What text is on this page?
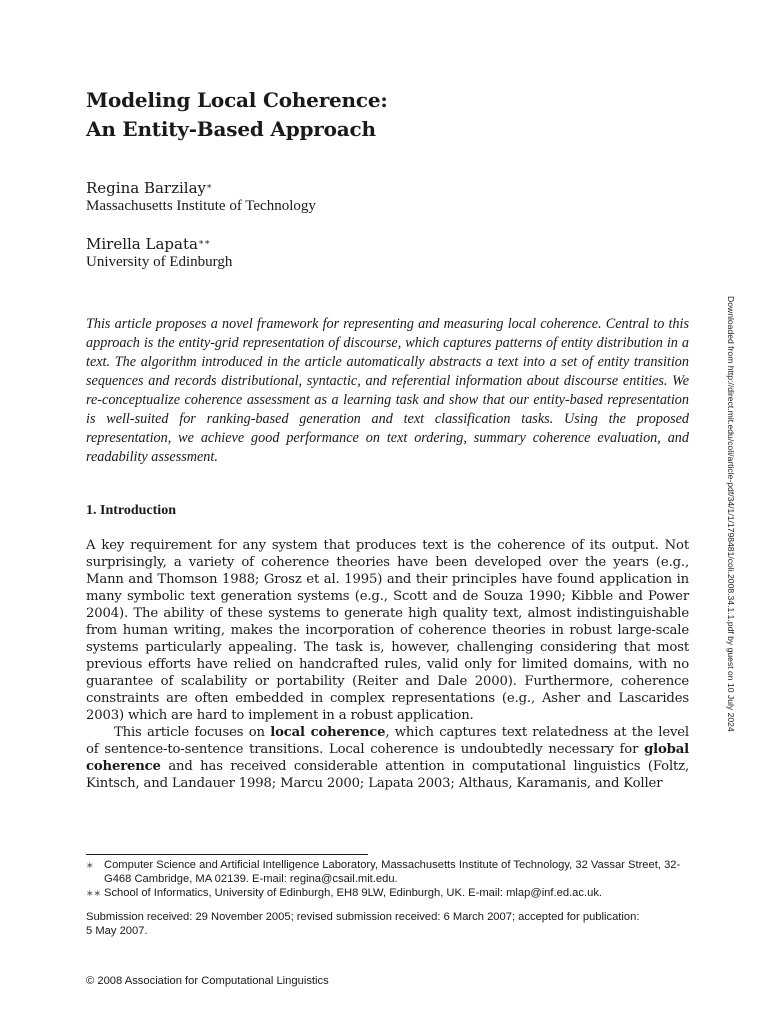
Modeling Local Coherence:
An Entity-Based Approach
Regina Barzilay∗
Massachusetts Institute of Technology
Mirella Lapata∗∗
University of Edinburgh
This article proposes a novel framework for representing and measuring local coherence. Central to this approach is the entity-grid representation of discourse, which captures patterns of entity distribution in a text. The algorithm introduced in the article automatically abstracts a text into a set of entity transition sequences and records distributional, syntactic, and referential information about discourse entities. We re-conceptualize coherence assessment as a learning task and show that our entity-based representation is well-suited for ranking-based generation and text classification tasks. Using the proposed representation, we achieve good performance on text ordering, summary coherence evaluation, and readability assessment.
1. Introduction

A key requirement for any system that produces text is the coherence of its output. Not surprisingly, a variety of coherence theories have been developed over the years (e.g., Mann and Thomson 1988; Grosz et al. 1995) and their principles have found application in many symbolic text generation systems (e.g., Scott and de Souza 1990; Kibble and Power 2004). The ability of these systems to generate high quality text, almost indistinguishable from human writing, makes the incorporation of coherence theories in robust large-scale systems particularly appealing. The task is, however, challenging considering that most previous efforts have relied on handcrafted rules, valid only for limited domains, with no guarantee of scalability or portability (Reiter and Dale 2000). Furthermore, coherence constraints are often embedded in complex representations (e.g., Asher and Lascarides 2003) which are hard to implement in a robust application.

This article focuses on local coherence, which captures text relatedness at the level of sentence-to-sentence transitions. Local coherence is undoubtedly necessary for global coherence and has received considerable attention in computational linguistics (Foltz, Kintsch, and Landauer 1998; Marcu 2000; Lapata 2003; Althaus, Karamanis, and Koller

∗ Computer Science and Artificial Intelligence Laboratory, Massachusetts Institute of Technology, 32 Vassar Street, 32-G468 Cambridge, MA 02139. E-mail: regina@csail.mit.edu.
∗∗ School of Informatics, University of Edinburgh, EH8 9LW, Edinburgh, UK. E-mail: mlap@inf.ed.ac.uk.
Submission received: 29 November 2005; revised submission received: 6 March 2007; accepted for publication: 5 May 2007.
© 2008 Association for Computational Linguistics
Downloaded from http://direct.mit.edu/coli/article-pdf/34/1/1/1798481/coli.2008.34.1.1.pdf by guest on 10 July 2024
